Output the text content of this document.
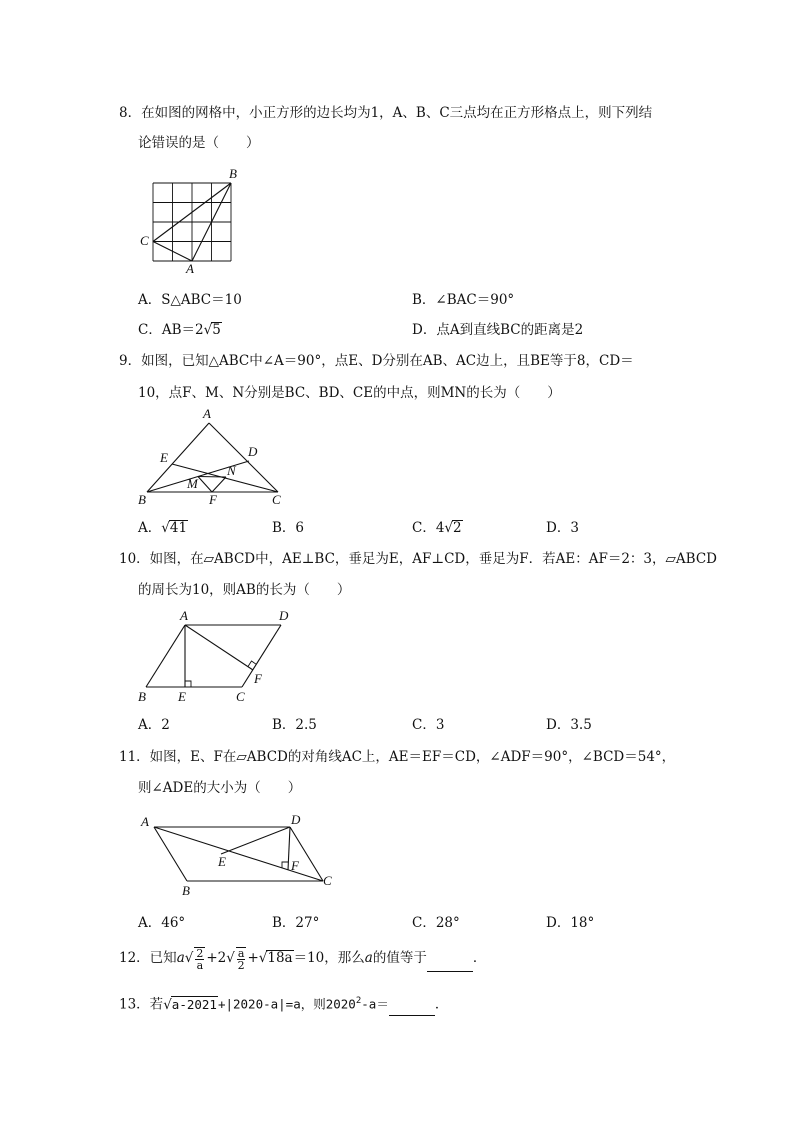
8．在如图的网格中，小正方形的边长均为1，A、B、C三点均在正方形格点上，则下列结
论错误的是（　　）
B
C
A
A．S△ABC＝10	B．∠BAC＝90°
C．AB＝2√5	D．点A到直线BC的距离是2
9．如图，已知△ABC中∠A＝90°，点E、D分别在AB、AC边上，且BE等于8，CD＝
10，点F、M、N分别是BC、BD、CE的中点，则MN的长为（　　）
A
E	D
N
M
B	F	C
A．√41	B．6	C．4√2	D．3
10．如图，在▱ABCD中，AE⊥BC，垂足为E，AF⊥CD，垂足为F．若AE：AF＝2：3，▱ABCD
的周长为10，则AB的长为（　　）
A	D
F
B E	C
A．2	B．2.5	C．3	D．3.5
11．如图，E、F在▱ABCD的对角线AC上，AE＝EF＝CD，∠ADF＝90°，∠BCD＝54°，
则∠ADE的大小为（　　）
A	D
E	F
B
C
A．46°	B．27°	C．28°	D．18°
12．已知$a√ \frac{2}{a} +2√ \frac{a}{2} +√18a=10$，那么a的值等于	．
13．若√a-2021+|2020-a|=a，则$2020^2-a=$	．
